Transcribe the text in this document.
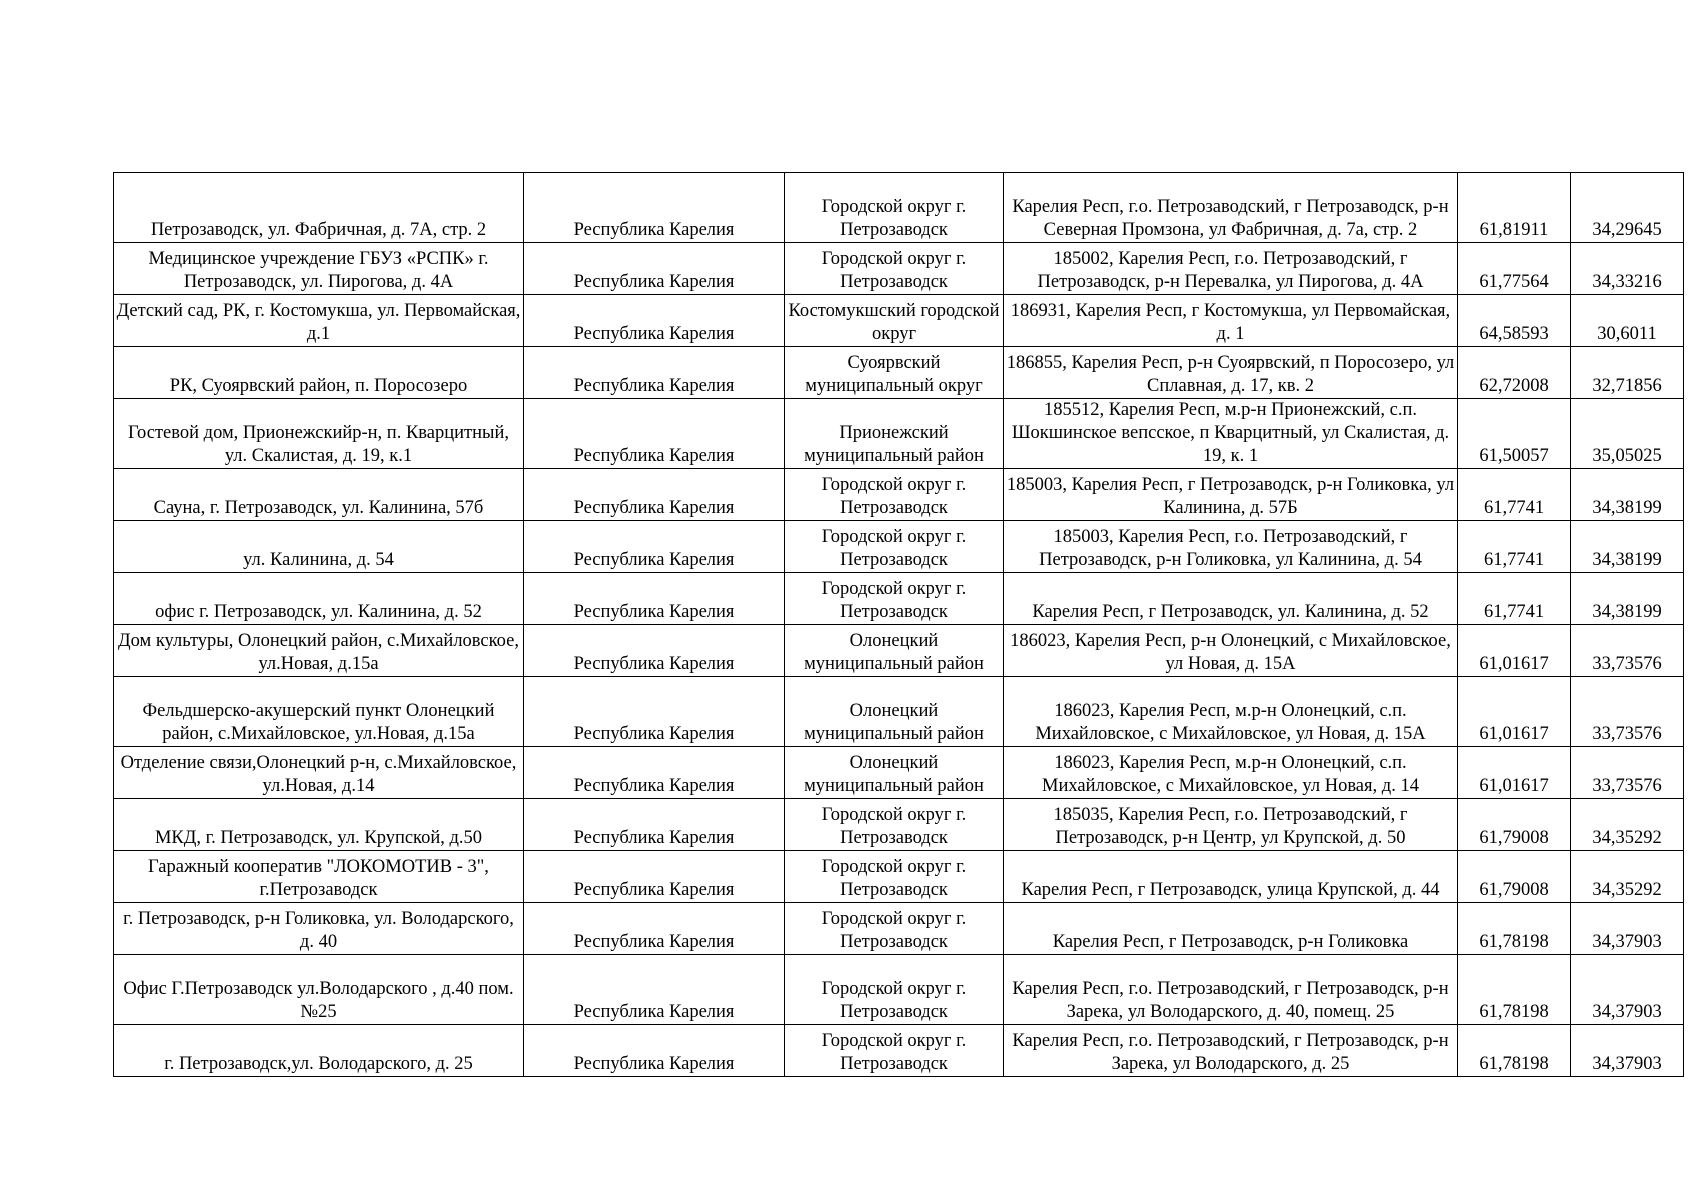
Петрозаводск, ул. Фабричная, д. 7А, стр. 2	Республика Карелия	Городской округ г. Петрозаводск	Карелия Респ, г.о. Петрозаводский, г Петрозаводск, р-н Северная Промзона, ул Фабричная, д. 7а, стр. 2	61,81911	34,29645
Медицинское учреждение ГБУЗ «РСПК» г. Петрозаводск, ул. Пирогова, д. 4А	Республика Карелия	Городской округ г. Петрозаводск	185002, Карелия Респ, г.о. Петрозаводский, г Петрозаводск, р-н Перевалка, ул Пирогова, д. 4А	61,77564	34,33216
Детский сад, РК, г. Костомукша, ул. Первомайская, д.1	Республика Карелия	Костомукшский городской округ	186931, Карелия Респ, г Костомукша, ул Первомайская, д. 1	64,58593	30,6011
РК, Суоярвский район, п. Поросозеро	Республика Карелия	Суоярвский муниципальный округ	186855, Карелия Респ, р-н Суоярвский, п Поросозеро, ул Сплавная, д. 17, кв. 2	62,72008	32,71856
Гостевой дом, Прионежскийр-н, п. Кварцитный, ул. Скалистая, д. 19, к.1	Республика Карелия	Прионежский муниципальный район	185512, Карелия Респ, м.р-н Прионежский, с.п. Шокшинское вепсское, п Кварцитный, ул Скалистая, д. 19, к. 1	61,50057	35,05025
Сауна, г. Петрозаводск, ул. Калинина, 57б	Республика Карелия	Городской округ г. Петрозаводск	185003, Карелия Респ, г Петрозаводск, р-н Голиковка, ул Калинина, д. 57Б	61,7741	34,38199
ул. Калинина, д. 54	Республика Карелия	Городской округ г. Петрозаводск	185003, Карелия Респ, г.о. Петрозаводский, г Петрозаводск, р-н Голиковка, ул Калинина, д. 54	61,7741	34,38199
офис г. Петрозаводск, ул. Калинина, д. 52	Республика Карелия	Городской округ г. Петрозаводск	Карелия Респ, г Петрозаводск, ул. Калинина, д. 52	61,7741	34,38199
Дом культуры, Олонецкий район, с.Михайловское, ул.Новая, д.15а	Республика Карелия	Олонецкий муниципальный район	186023, Карелия Респ, р-н Олонецкий, с Михайловское, ул Новая, д. 15А	61,01617	33,73576
Фельдшерско-акушерский пункт Олонецкий район, с.Михайловское, ул.Новая, д.15а	Республика Карелия	Олонецкий муниципальный район	186023, Карелия Респ, м.р-н Олонецкий, с.п. Михайловское, с Михайловское, ул Новая, д. 15А	61,01617	33,73576
Отделение связи,Олонецкий р-н, с.Михайловское, ул.Новая, д.14	Республика Карелия	Олонецкий муниципальный район	186023, Карелия Респ, м.р-н Олонецкий, с.п. Михайловское, с Михайловское, ул Новая, д. 14	61,01617	33,73576
МКД, г. Петрозаводск, ул. Крупской, д.50	Республика Карелия	Городской округ г. Петрозаводск	185035, Карелия Респ, г.о. Петрозаводский, г Петрозаводск, р-н Центр, ул Крупской, д. 50	61,79008	34,35292
Гаражный кооператив "ЛОКОМОТИВ - 3", г.Петрозаводск	Республика Карелия	Городской округ г. Петрозаводск	Карелия Респ, г Петрозаводск, улица Крупской, д. 44	61,79008	34,35292
г. Петрозаводск, р-н Голиковка, ул. Володарского, д. 40	Республика Карелия	Городской округ г. Петрозаводск	Карелия Респ, г Петрозаводск, р-н Голиковка	61,78198	34,37903
Офис Г.Петрозаводск ул.Володарского , д.40 пом.№25	Республика Карелия	Городской округ г. Петрозаводск	Карелия Респ, г.о. Петрозаводский, г Петрозаводск, р-н Зарека, ул Володарского, д. 40, помещ. 25	61,78198	34,37903
г. Петрозаводск,ул. Володарского, д. 25	Республика Карелия	Городской округ г. Петрозаводск	Карелия Респ, г.о. Петрозаводский, г Петрозаводск, р-н Зарека, ул Володарского, д. 25	61,78198	34,37903
